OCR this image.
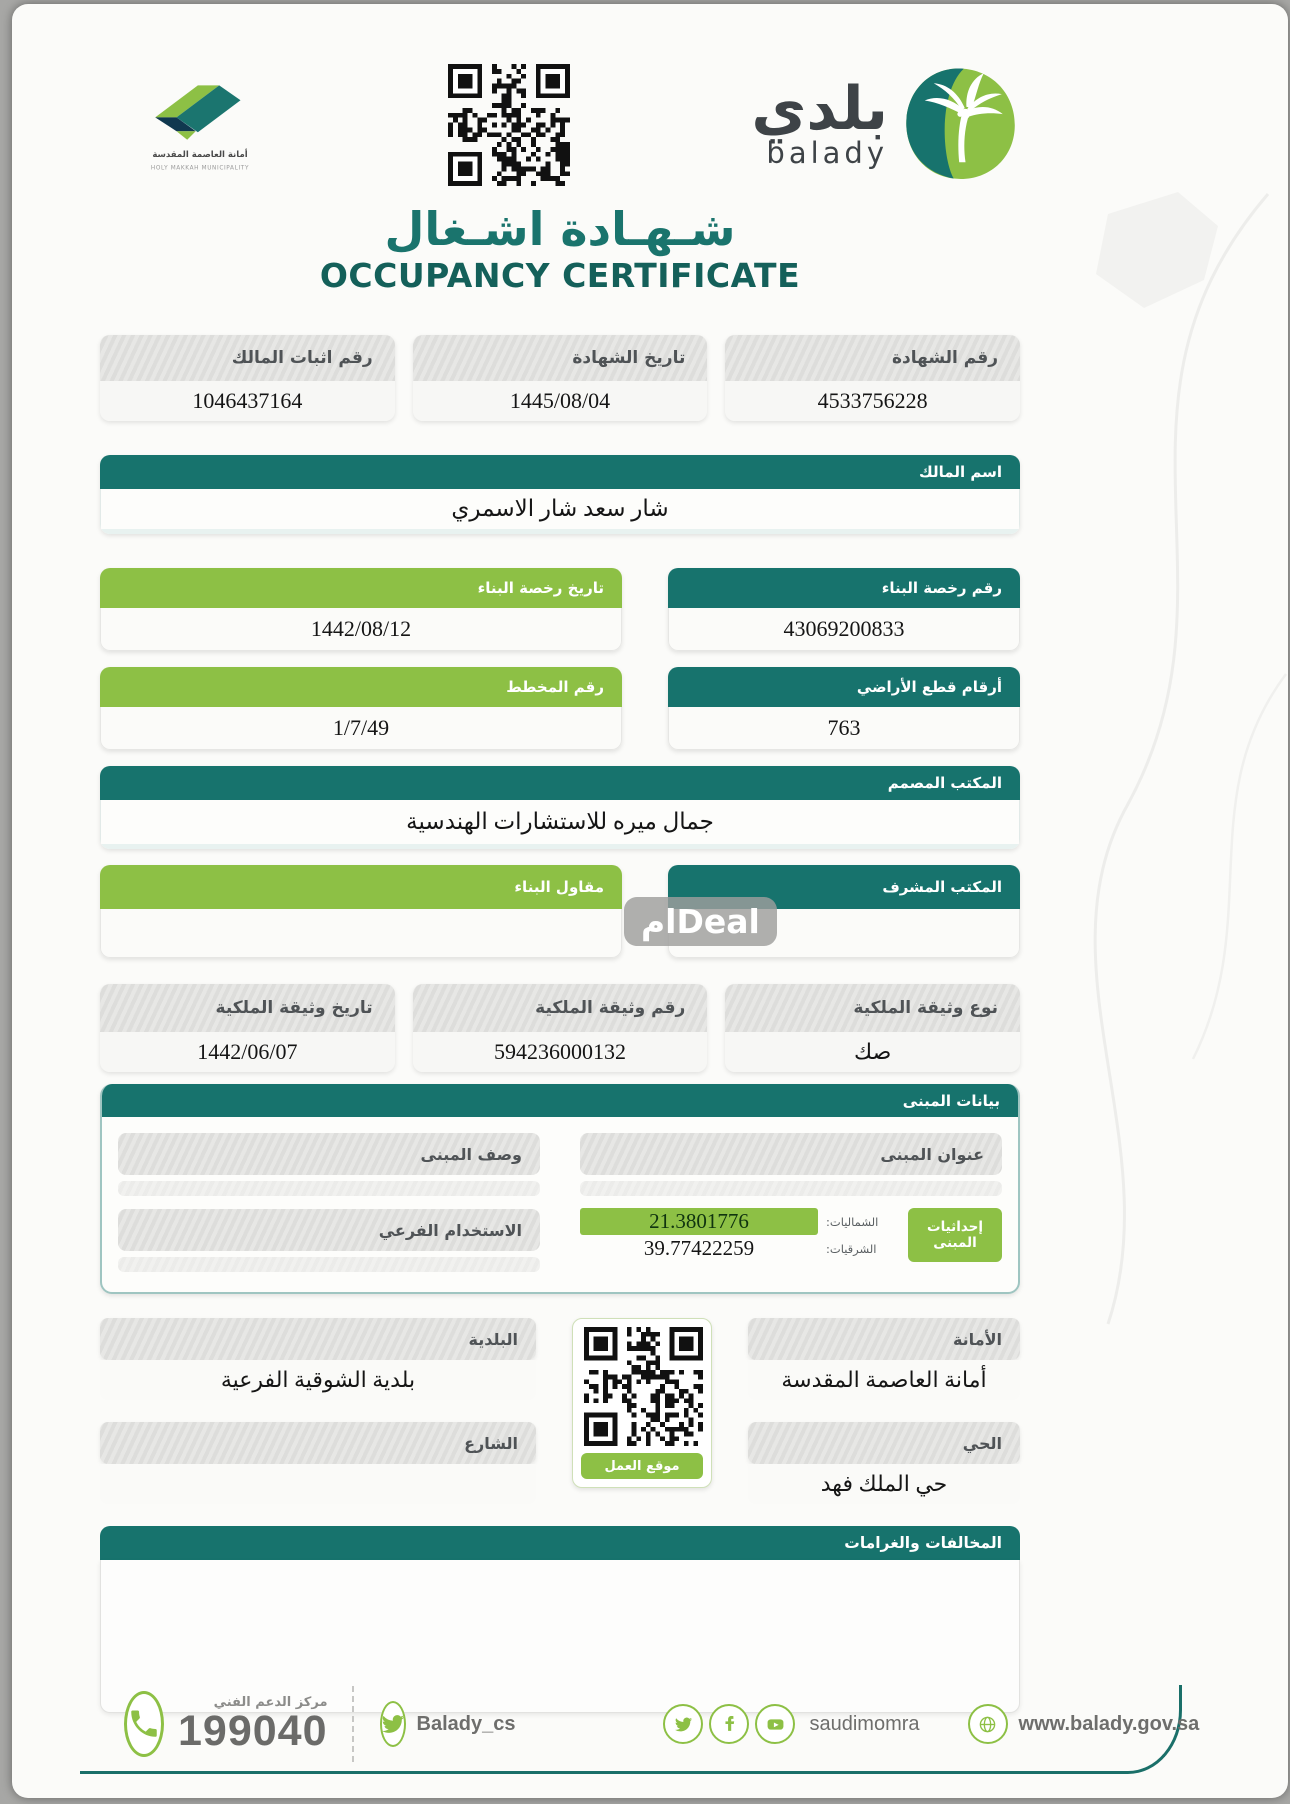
أمانة العاصمة المقدسة
HOLY MAKKAH MUNICIPALITY
بلدي
balady
شـهـادة اشـغال
OCCUPANCY CERTIFICATE
رقم الشهادة
4533756228
تاريخ الشهادة
1445/08/04
رقم اثبات المالك
1046437164
اسم المالك
شار سعد شار الاسمري
رقم رخصة البناء
43069200833
تاريخ رخصة البناء
1442/08/12
أرقام قطع الأراضي
763
رقم المخطط
1/7/49
المكتب المصمم
جمال ميره للاستشارات الهندسية
المكتب المشرف
مقاول البناء
نوع وثيقة الملكية
صك
رقم وثيقة الملكية
594236000132
تاريخ وثيقة الملكية
1442/06/07
بيانات المبنى
عنوان المبنى
إحداثيات المبنى
الشماليات:
الشرقيات:
21.3801776
39.77422259
وصف المبنى
الاستخدام الفرعي
الأمانة
أمانة العاصمة المقدسة
الحي
حي الملك فهد
موقع العمل
البلدية
بلدية الشوقية الفرعية
الشارع
المخالفات والغرامات
ام Deal
مركز الدعم الفني
199040	Balady_cs	saudimomra	www.balady.gov.sa
